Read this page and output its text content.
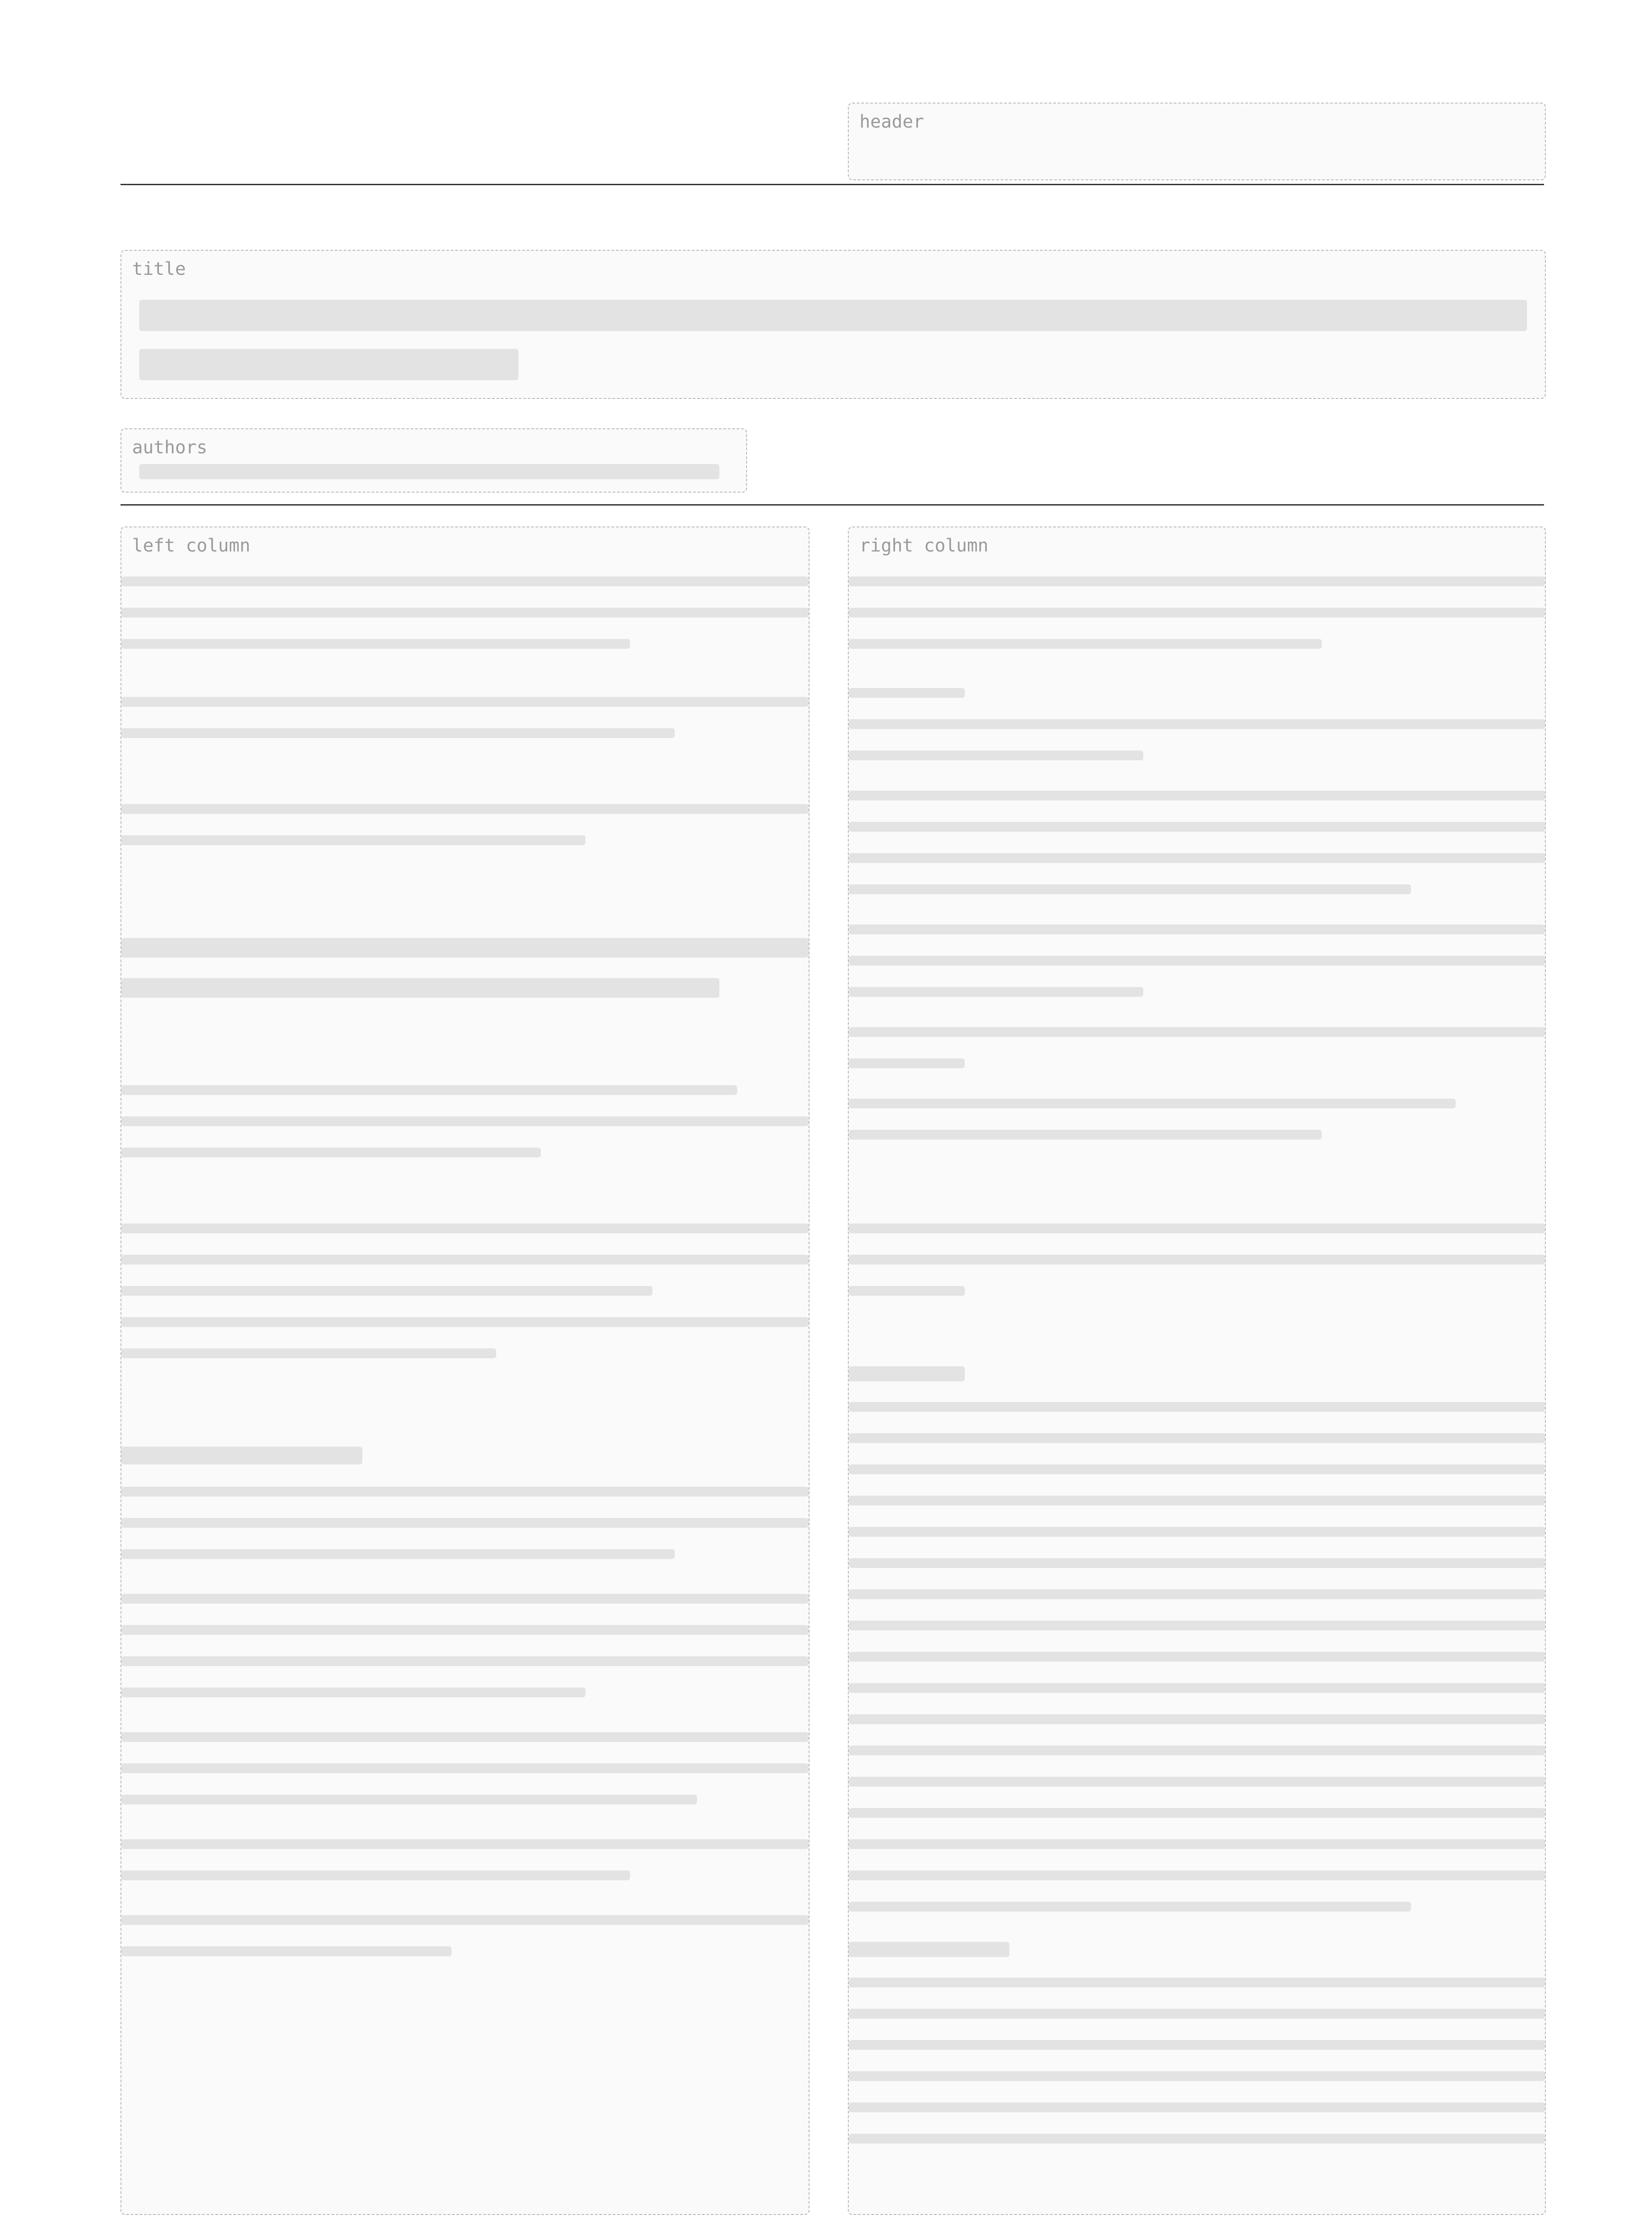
header
title
authors
left column	right column
